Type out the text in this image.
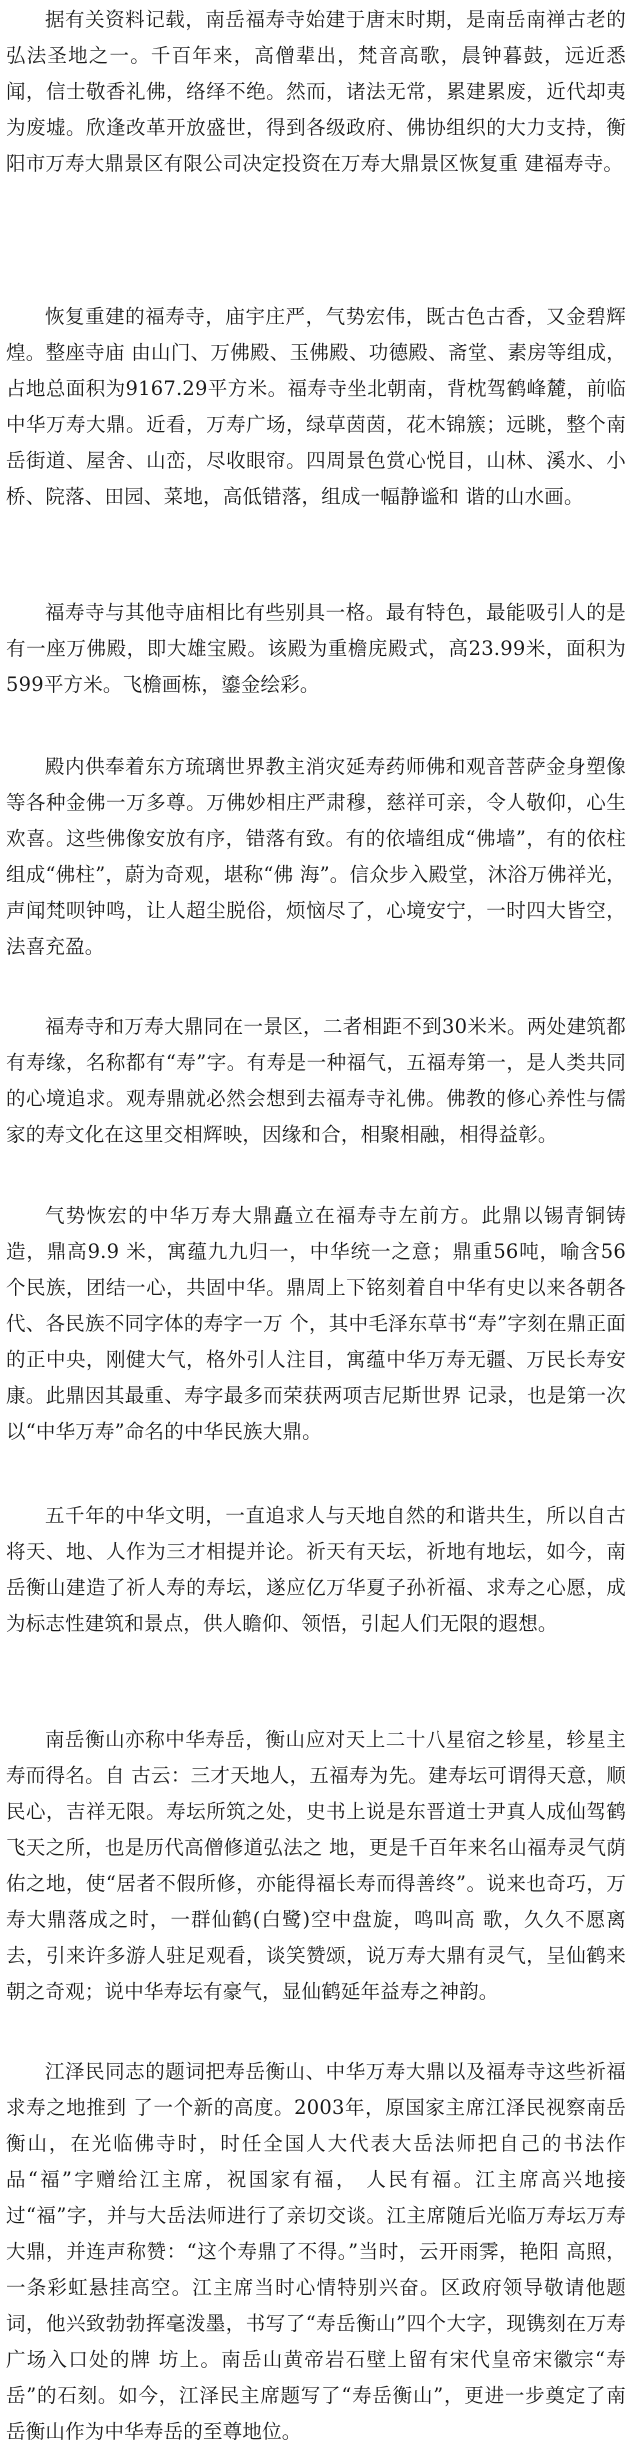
据有关资料记载，南岳福寿寺始建于唐末时期，是南岳南禅古老的弘法圣地之一。千百年来，高僧辈出，梵音高歌，晨钟暮鼓，远近悉闻，信士敬香礼佛，络绎不绝。然而，诸法无常，累建累废，近代却夷为废墟。欣逢改革开放盛世，得到各级政府、佛协组织的大力支持，衡阳市万寿大鼎景区有限公司决定投资在万寿大鼎景区恢复重 建福寿寺。

恢复重建的福寿寺，庙宇庄严，气势宏伟，既古色古香，又金碧辉煌。整座寺庙 由山门、万佛殿、玉佛殿、功德殿、斋堂、素房等组成，占地总面积为9167.29平方米。福寿寺坐北朝南，背枕驾鹤峰麓，前临中华万寿大鼎。近看，万寿广场，绿草茵茵，花木锦簇；远眺，整个南岳街道、屋舍、山峦，尽收眼帘。四周景色赏心悦目，山林、溪水、小桥、院落、田园、菜地，高低错落，组成一幅静谧和 谐的山水画。

福寿寺与其他寺庙相比有些别具一格。最有特色，最能吸引人的是有一座万佛殿，即大雄宝殿。该殿为重檐庑殿式，高23.99米，面积为599平方米。飞檐画栋，鎏金绘彩。

殿内供奉着东方琉璃世界教主消灾延寿药师佛和观音菩萨金身塑像等各种金佛一万多尊。万佛妙相庄严肃穆，慈祥可亲，令人敬仰，心生欢喜。这些佛像安放有序，错落有致。有的依墙组成“佛墙”，有的依柱组成“佛柱”，蔚为奇观，堪称“佛 海”。信众步入殿堂，沐浴万佛祥光，声闻梵呗钟鸣，让人超尘脱俗，烦恼尽了，心境安宁，一时四大皆空，法喜充盈。

福寿寺和万寿大鼎同在一景区，二者相距不到30米米。两处建筑都有寿缘，名称都有“寿”字。有寿是一种福气，五福寿第一，是人类共同的心境追求。观寿鼎就必然会想到去福寿寺礼佛。佛教的修心养性与儒家的寿文化在这里交相辉映，因缘和合，相聚相融，相得益彰。

气势恢宏的中华万寿大鼎矗立在福寿寺左前方。此鼎以锡青铜铸造，鼎高9.9 米，寓蕴九九归一，中华统一之意；鼎重56吨，喻含56个民族，团结一心，共固中华。鼎周上下铭刻着自中华有史以来各朝各代、各民族不同字体的寿字一万 个，其中毛泽东草书“寿”字刻在鼎正面的正中央，刚健大气，格外引人注目，寓蕴中华万寿无疆、万民长寿安康。此鼎因其最重、寿字最多而荣获两项吉尼斯世界 记录，也是第一次以“中华万寿”命名的中华民族大鼎。

五千年的中华文明，一直追求人与天地自然的和谐共生，所以自古将天、地、人作为三才相提并论。祈天有天坛，祈地有地坛，如今，南岳衡山建造了祈人寿的寿坛，遂应亿万华夏子孙祈福、求寿之心愿，成为标志性建筑和景点，供人瞻仰、领悟，引起人们无限的遐想。

南岳衡山亦称中华寿岳，衡山应对天上二十八星宿之轸星，轸星主寿而得名。自 古云：三才天地人，五福寿为先。建寿坛可谓得天意，顺民心，吉祥无限。寿坛所筑之处，史书上说是东晋道士尹真人成仙驾鹤飞天之所，也是历代高僧修道弘法之 地，更是千百年来名山福寿灵气荫佑之地，使“居者不假所修，亦能得福长寿而得善终”。说来也奇巧，万寿大鼎落成之时，一群仙鹤(白鹭)空中盘旋，鸣叫高 歌，久久不愿离去，引来许多游人驻足观看，谈笑赞颂，说万寿大鼎有灵气，呈仙鹤来朝之奇观；说中华寿坛有豪气，显仙鹤延年益寿之神韵。

江泽民同志的题词把寿岳衡山、中华万寿大鼎以及福寿寺这些祈福求寿之地推到 了一个新的高度。2003年，原国家主席江泽民视察南岳衡山，在光临佛寺时，时任全国人大代表大岳法师把自己的书法作品“福”字赠给江主席，祝国家有福， 人民有福。江主席高兴地接过“福”字，并与大岳法师进行了亲切交谈。江主席随后光临万寿坛万寿大鼎，并连声称赞：“这个寿鼎了不得。”当时，云开雨霁，艳阳 高照，一条彩虹悬挂高空。江主席当时心情特别兴奋。区政府领导敬请他题词，他兴致勃勃挥毫泼墨，书写了“寿岳衡山”四个大字，现镌刻在万寿广场入口处的牌 坊上。南岳山黄帝岩石壁上留有宋代皇帝宋徽宗“寿岳”的石刻。如今，江泽民主席题写了“寿岳衡山”，更进一步奠定了南岳衡山作为中华寿岳的至尊地位。
